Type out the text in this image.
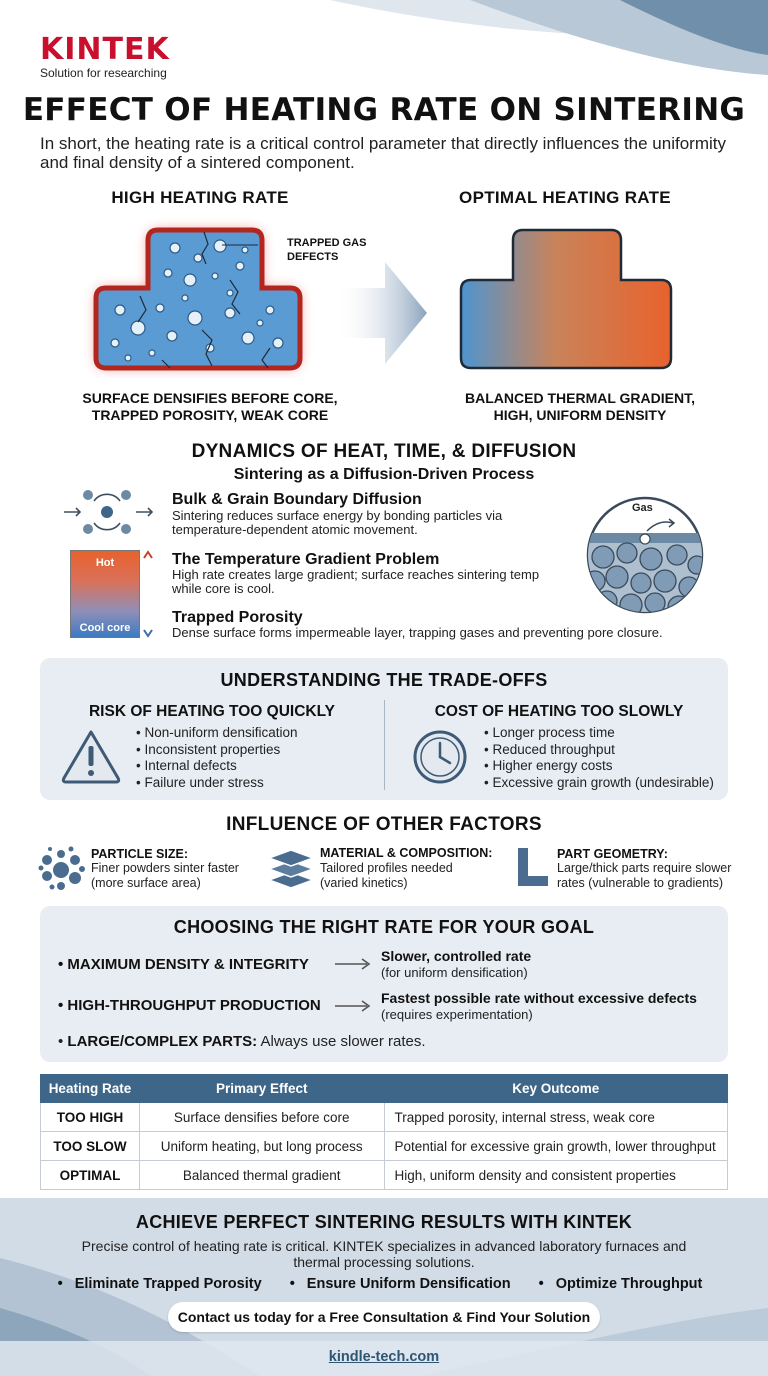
KINTEK
Solution for researching
EFFECT OF HEATING RATE ON SINTERING
In short, the heating rate is a critical control parameter that directly influences the uniformity and final density of a sintered component.
HIGH HEATING RATE	OPTIMAL HEATING RATE
TRAPPED GAS
DEFECTS
SURFACE DENSIFIES BEFORE CORE,
TRAPPED POROSITY, WEAK CORE
BALANCED THERMAL GRADIENT,
HIGH, UNIFORM DENSITY
DYNAMICS OF HEAT, TIME, & DIFFUSION
Sintering as a Diffusion-Driven Process
Bulk & Grain Boundary Diffusion
Sintering reduces surface energy by bonding particles via
temperature-dependent atomic movement.
Hot
Cool core
The Temperature Gradient Problem
High rate creates large gradient; surface reaches sintering temp
while core is cool.
Trapped Porosity
Dense surface forms impermeable layer, trapping gases and preventing pore closure.
Gas
UNDERSTANDING THE TRADE-OFFS
RISK OF HEATING TOO QUICKLY
• Non-uniform densification
• Inconsistent properties
• Internal defects
• Failure under stress
COST OF HEATING TOO SLOWLY
• Longer process time
• Reduced throughput
• Higher energy costs
• Excessive grain growth (undesirable)
INFLUENCE OF OTHER FACTORS
PARTICLE SIZE:
Finer powders sinter faster
(more surface area)
MATERIAL & COMPOSITION:
Tailored profiles needed
(varied kinetics)
PART GEOMETRY:
Large/thick parts require slower
rates (vulnerable to gradients)
CHOOSING THE RIGHT RATE FOR YOUR GOAL
• MAXIMUM DENSITY & INTEGRITY	Slower, controlled rate
(for uniform densification)
• HIGH-THROUGHPUT PRODUCTION	Fastest possible rate without excessive defects
(requires experimentation)
• LARGE/COMPLEX PARTS: Always use slower rates.
Heating Rate	Primary Effect	Key Outcome
TOO HIGH	Surface densifies before core	Trapped porosity, internal stress, weak core
TOO SLOW	Uniform heating, but long process	Potential for excessive grain growth, lower throughput
OPTIMAL	Balanced thermal gradient	High, uniform density and consistent properties
ACHIEVE PERFECT SINTERING RESULTS WITH KINTEK
Precise control of heating rate is critical. KINTEK specializes in advanced laboratory furnaces and
thermal processing solutions.
• Eliminate Trapped Porosity • Ensure Uniform Densification • Optimize Throughput
Contact us today for a Free Consultation & Find Your Solution
kindle-tech.com
